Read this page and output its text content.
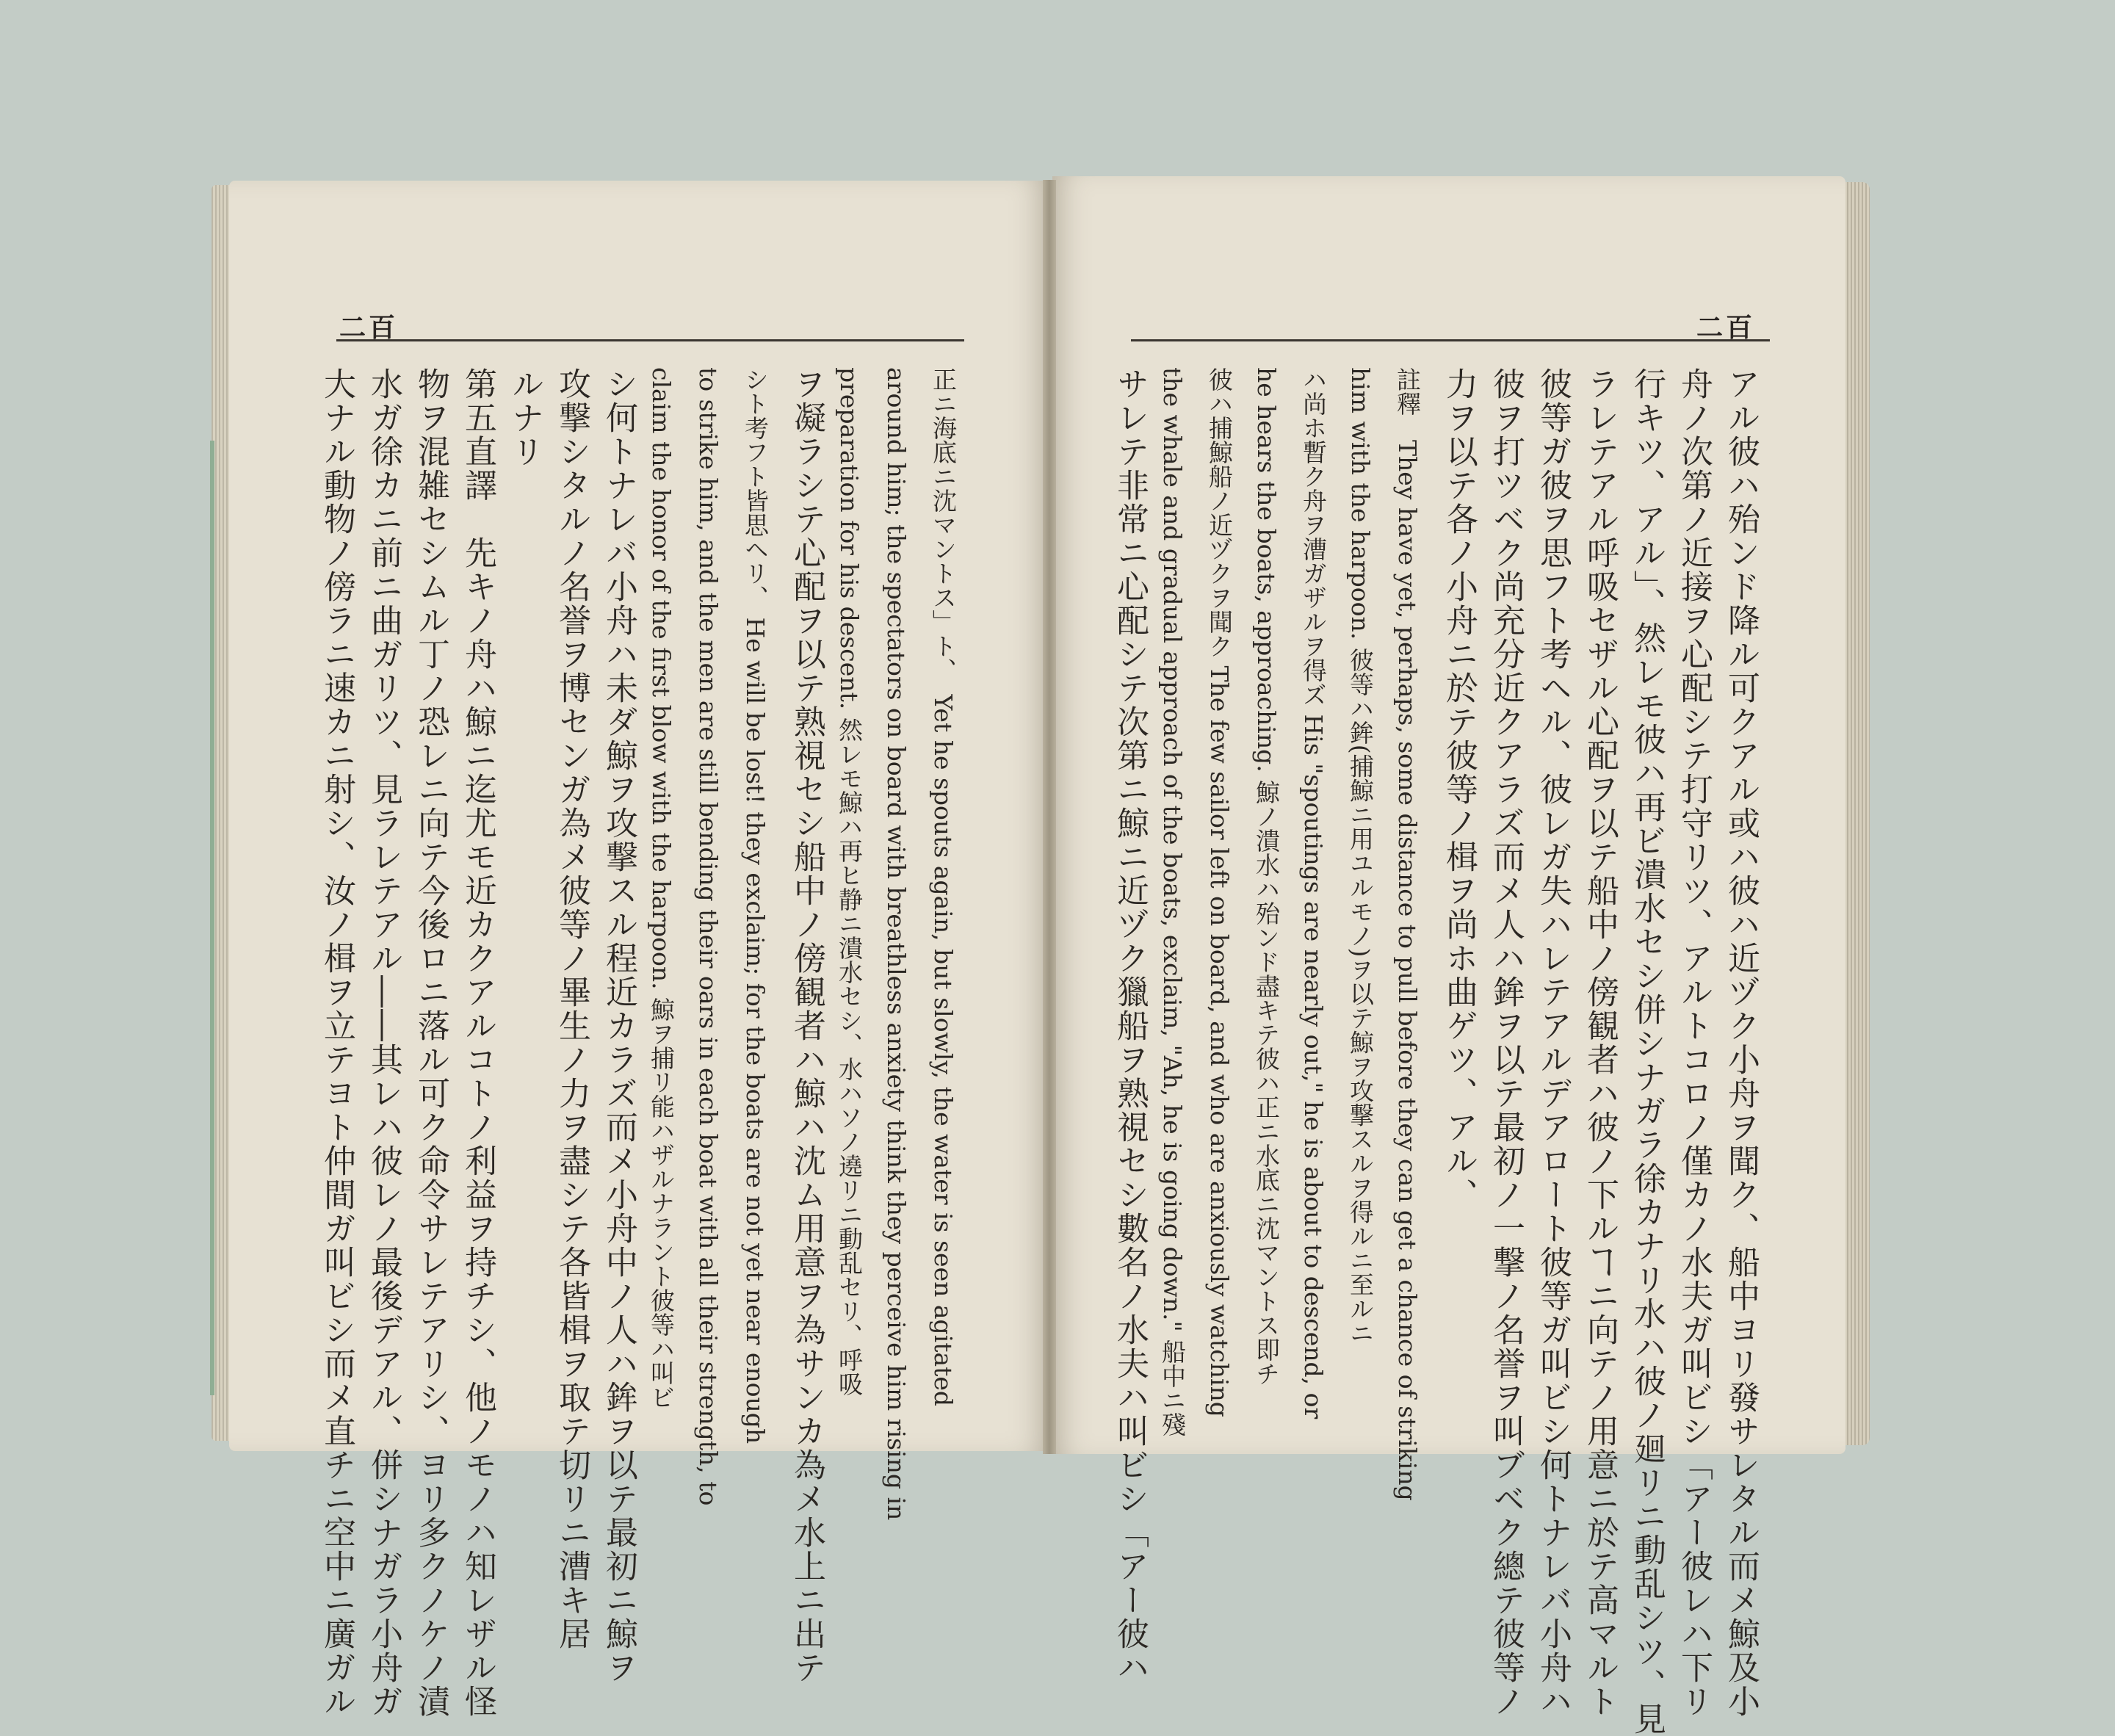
二百	二百
正ニ海底ニ沈マントス」ト、　Yet he spouts again, but slowly, the water is seen agitated
around him; the spectators on board with breathless anxiety think they perceive him rising in
preparation for his descent. 然レモ鯨ハ再ヒ静ニ潰水セシ、水ハソノ遶リニ動乱セリ、呼吸
ヲ凝ラシテ心配ヲ以テ熟視セシ船中ノ傍観者ハ鯨ハ沈ム用意ヲ為サンカ為メ水上ニ出テ
シト考フト皆思ヘリ、 He will be lost! they exclaim; for the boats are not yet near enough
to strike him, and the men are still bending their oars in each boat with all their strength, to
claim the honor of the first blow with the harpoon. 鯨ヲ捕リ能ハザルナラント彼等ハ叫ビ
シ何トナレバ小舟ハ未ダ鯨ヲ攻撃スル程近カラズ而メ小舟中ノ人ハ鉾ヲ以テ最初ニ鯨ヲ
攻撃シタルノ名誉ヲ博センガ為メ彼等ノ畢生ノ力ヲ盡シテ各皆楫ヲ取テ切リニ漕キ居
ルナリ
第五直譯　先キノ舟ハ鯨ニ迄尤モ近カクアルコトノ利益ヲ持チシ、他ノモノハ知レザル怪
物ヲ混雑セシムル丁ノ恐レニ向テ今後ロニ落ル可ク命令サレテアリシ、ヨリ多クノケノ漬
水ガ徐カニ前ニ曲ガリツ、見ラレテアル――其レハ彼レノ最後デアル、併シナガラ小舟ガ
大ナル動物ノ傍ラニ速カニ射シ、汝ノ楫ヲ立テヨト仲間ガ叫ビシ而メ直チニ空中ニ廣ガル	アル彼ハ殆ンド降ル可クアル或ハ彼ハ近ヅク小舟ヲ聞ク、船中ヨリ發サレタル而メ鯨及小
舟ノ次第ノ近接ヲ心配シテ打守リツ、アルトコロノ僅カノ水夫ガ叫ビシ「アー彼レハ下リ
行キツ、アル」、然レモ彼ハ再ビ潰水セシ併シナガラ徐カナリ水ハ彼ノ廻リニ動乱シツ、見
ラレテアル呼吸セザル心配ヲ以テ船中ノ傍観者ハ彼ノ下ルヿニ向テノ用意ニ於テ高マルト
彼等ガ彼ヲ思フト考ヘル、彼レガ失ハレテアルデアロート彼等ガ叫ビシ何トナレバ小舟ハ
彼ヲ打ツベク尚充分近クアラズ而メ人ハ鉾ヲ以テ最初ノ一撃ノ名誉ヲ叫ブベク總テ彼等ノ
力ヲ以テ各ノ小舟ニ於テ彼等ノ楫ヲ尚ホ曲ゲツ、アル、
註釋　They have yet, perhaps, some distance to pull before they can get a chance of striking
him with the harpoon. 彼等ハ鉾(捕鯨ニ用ユルモノ)ヲ以テ鯨ヲ攻撃スルヲ得ルニ至ルニ
ハ尚ホ暫ク舟ヲ漕ガザルヲ得ズ His "spoutings are nearly out," he is about to descend, or
he hears the boats, approaching. 鯨ノ潰水ハ殆ンド盡キテ彼ハ正ニ水底ニ沈マントス即チ
彼ハ捕鯨船ノ近ヅクヲ聞ク The few sailor left on board, and who are anxiously watching
the whale and gradual approach of the boats, exclaim, "Ah, he is going down." 船中ニ殘
サレテ非常ニ心配シテ次第ニ鯨ニ近ヅク獵船ヲ熟視セシ數名ノ水夫ハ叫ビシ「アー彼ハ
